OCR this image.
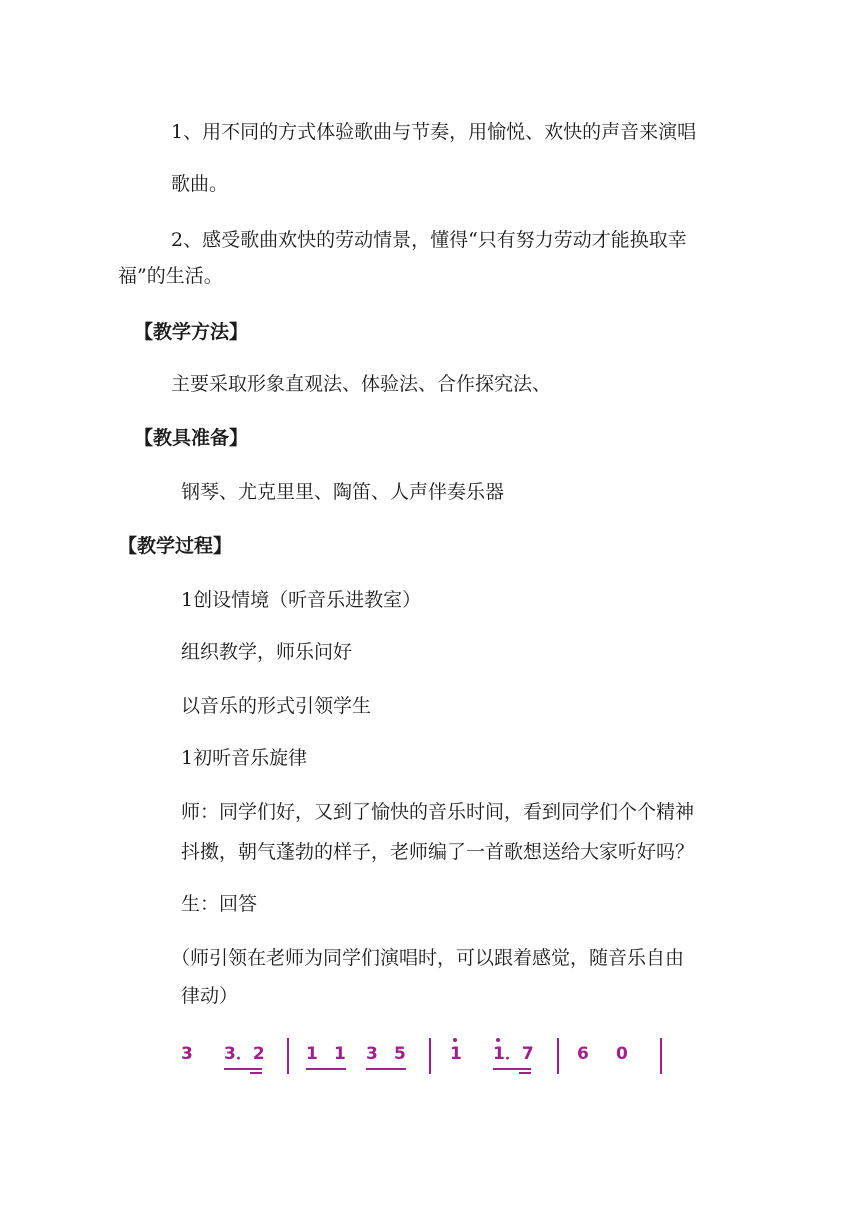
1、用不同的方式体验歌曲与节奏，用愉悦、欢快的声音来演唱

歌曲。

2、感受歌曲欢快的劳动情景，懂得“只有努力劳动才能换取幸

福”的生活。

【教学方法】

主要采取形象直观法、体验法、合作探究法、

【教具准备】

钢琴、尤克里里、陶笛、人声伴奏乐器

【教学过程】

1创设情境（听音乐进教室）

组织教学，师乐问好

以音乐的形式引领学生

1初听音乐旋律

师：同学们好，又到了愉快的音乐时间，看到同学们个个精神

抖擞，朝气蓬勃的样子，老师编了一首歌想送给大家听好吗？

生：回答

（师引领在老师为同学们演唱时，可以跟着感觉，随音乐自由

律动）

3 3．2 1 1 3 5	1 1．7	6 0
